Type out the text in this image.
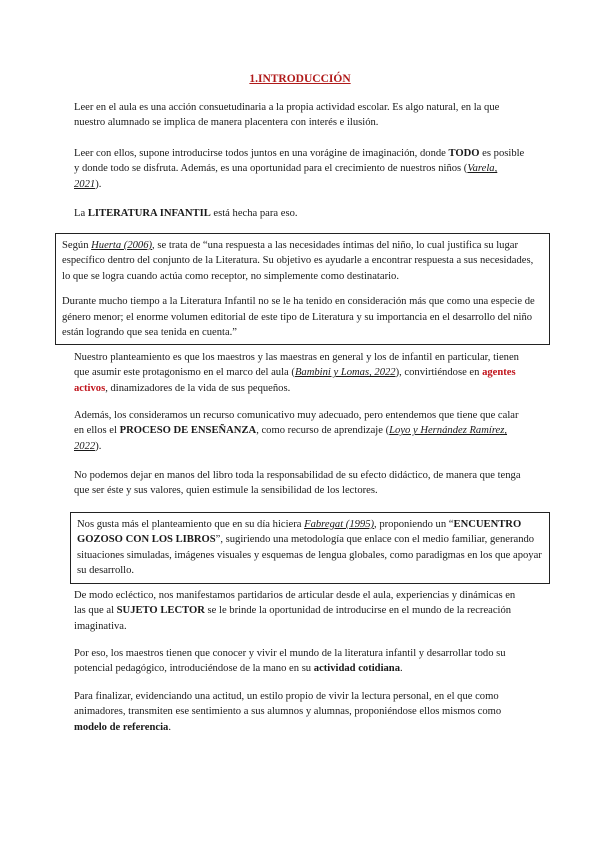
1.INTRODUCCIÓN

Leer en el aula es una acción consuetudinaria a la propia actividad escolar. Es algo natural, en la que nuestro alumnado se implica de manera placentera con interés e ilusión.

Leer con ellos, supone introducirse todos juntos en una vorágine de imaginación, donde TODO es posible y donde todo se disfruta. Además, es una oportunidad para el crecimiento de nuestros niños (Varela, 2021).

La LITERATURA INFANTIL está hecha para eso.

Según Huerta (2006), se trata de “una respuesta a las necesidades íntimas del niño, lo cual justifica su lugar específico dentro del conjunto de la Literatura. Su objetivo es ayudarle a encontrar respuesta a sus necesidades, lo que se logra cuando actúa como receptor, no simplemente como destinatario.

Durante mucho tiempo a la Literatura Infantil no se le ha tenido en consideración más que como una especie de género menor; el enorme volumen editorial de este tipo de Literatura y su importancia en el desarrollo del niño están logrando que sea tenida en cuenta.”

Nuestro planteamiento es que los maestros y las maestras en general y los de infantil en particular, tienen que asumir este protagonismo en el marco del aula (Bambini y Lomas, 2022), convirtiéndose en agentes activos, dinamizadores de la vida de sus pequeños.

Además, los consideramos un recurso comunicativo muy adecuado, pero entendemos que tiene que calar en ellos el PROCESO DE ENSEÑANZA, como recurso de aprendizaje (Loyo y Hernández Ramírez, 2022).

No podemos dejar en manos del libro toda la responsabilidad de su efecto didáctico, de manera que tenga que ser éste y sus valores, quien estimule la sensibilidad de los lectores.

Nos gusta más el planteamiento que en su día hiciera Fabregat (1995), proponiendo un “ENCUENTRO GOZOSO CON LOS LIBROS”, sugiriendo una metodología que enlace con el medio familiar, generando situaciones simuladas, imágenes visuales y esquemas de lengua globales, como paradigmas en los que apoyar su desarrollo.

De modo ecléctico, nos manifestamos partidarios de articular desde el aula, experiencias y dinámicas en las que al SUJETO LECTOR se le brinde la oportunidad de introducirse en el mundo de la recreación imaginativa.

Por eso, los maestros tienen que conocer y vivir el mundo de la literatura infantil y desarrollar todo su potencial pedagógico, introduciéndose de la mano en su actividad cotidiana.

Para finalizar, evidenciando una actitud, un estilo propio de vivir la lectura personal, en el que como animadores, transmiten ese sentimiento a sus alumnos y alumnas, proponiéndose ellos mismos como modelo de referencia.
